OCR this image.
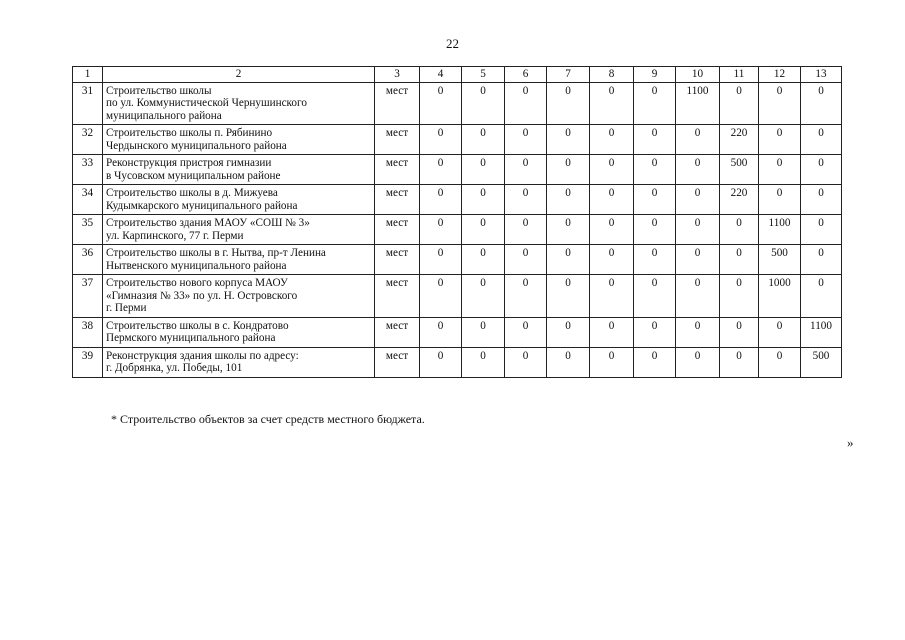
22
1	2	3	4	5	6	7	8	9	10	11	12	13
31	Строительство школы
по ул. Коммунистической Чернушинского
муниципального района	мест	0	0	0	0	0	0	1100	0	0	0
32	Строительство школы п. Рябинино
Чердынского муниципального района	мест	0	0	0	0	0	0	0	220	0	0
33	Реконструкция пристроя гимназии
в Чусовском муниципальном районе	мест	0	0	0	0	0	0	0	500	0	0
34	Строительство школы в д. Мижуева
Кудымкарского муниципального района	мест	0	0	0	0	0	0	0	220	0	0
35	Строительство здания МАОУ «СОШ № 3»
ул. Карпинского, 77 г. Перми	мест	0	0	0	0	0	0	0	0	1100	0
36	Строительство школы в г. Нытва, пр-т Ленина
Нытвенского муниципального района	мест	0	0	0	0	0	0	0	0	500	0
37	Строительство нового корпуса МАОУ
«Гимназия № 33» по ул. Н. Островского
г. Перми	мест	0	0	0	0	0	0	0	0	1000	0
38	Строительство школы в с. Кондратово
Пермского муниципального района	мест	0	0	0	0	0	0	0	0	0	1100
39	Реконструкция здания школы по адресу:
г. Добрянка, ул. Победы, 101	мест	0	0	0	0	0	0	0	0	0	500
* Строительство объектов за счет средств местного бюджета.
»
